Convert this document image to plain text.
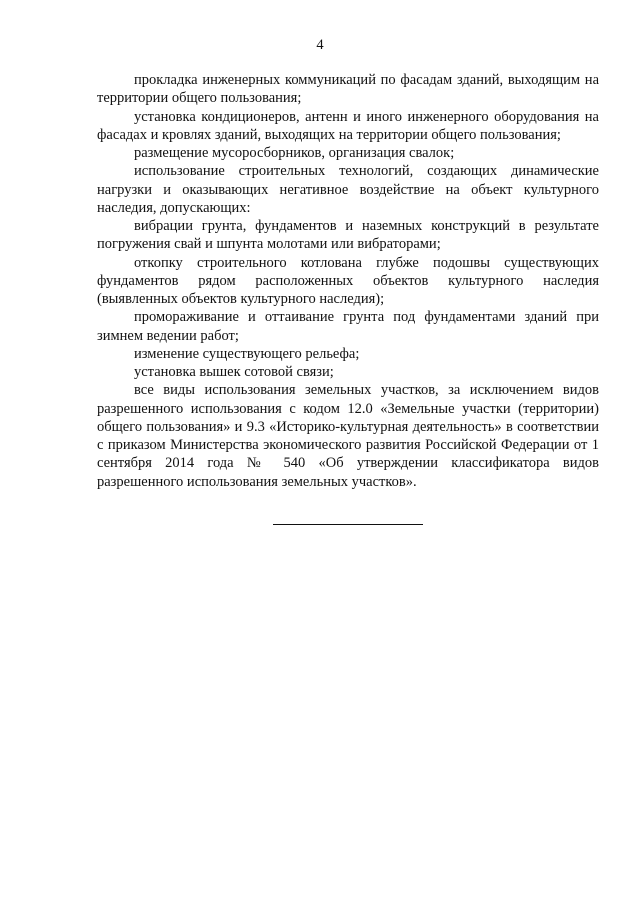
4

прокладка инженерных коммуникаций по фасадам зданий, выходящим на территории общего пользования;

установка кондиционеров, антенн и иного инженерного оборудования на фасадах и кровлях зданий, выходящих на территории общего пользования;

размещение мусоросборников, организация свалок;

использование строительных технологий, создающих динамические нагрузки и оказывающих негативное воздействие на объект культурного наследия, допускающих:

вибрации грунта, фундаментов и наземных конструкций в результате погружения свай и шпунта молотами или вибраторами;

откопку строительного котлована глубже подошвы существующих фундаментов рядом расположенных объектов культурного наследия (выявленных объектов культурного наследия);

промораживание и оттаивание грунта под фундаментами зданий при зимнем ведении работ;

изменение существующего рельефа;

установка вышек сотовой связи;

все виды использования земельных участков, за исключением видов разрешенного использования с кодом 12.0 «Земельные участки (территории) общего пользования» и 9.3 «Историко-культурная деятельность» в соответствии с приказом Министерства экономического развития Российской Федерации от 1 сентября 2014 года № 540 «Об утверждении классификатора видов разрешенного использования земельных участков».
